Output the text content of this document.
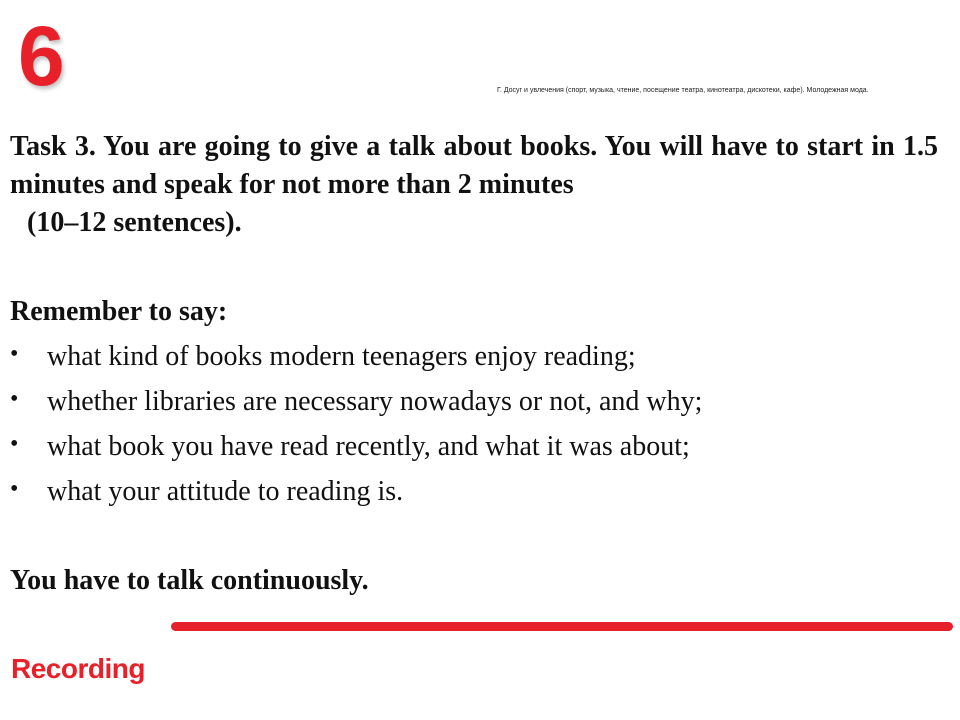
6	Г. Досуг и увлечения (спорт, музыка, чтение, посещение театра, кинотеатра, дискотеки, кафе). Молодежная мода.
Task 3. You are going to give a talk about books. You will have to start in 1.5 minutes and speak for not more than 2 minutes
(10–12 sentences).
Remember to say:
• what kind of books modern teenagers enjoy reading;
• whether libraries are necessary nowadays or not, and why;
• what book you have read recently, and what it was about;
• what your attitude to reading is.
You have to talk continuously.
Recording
